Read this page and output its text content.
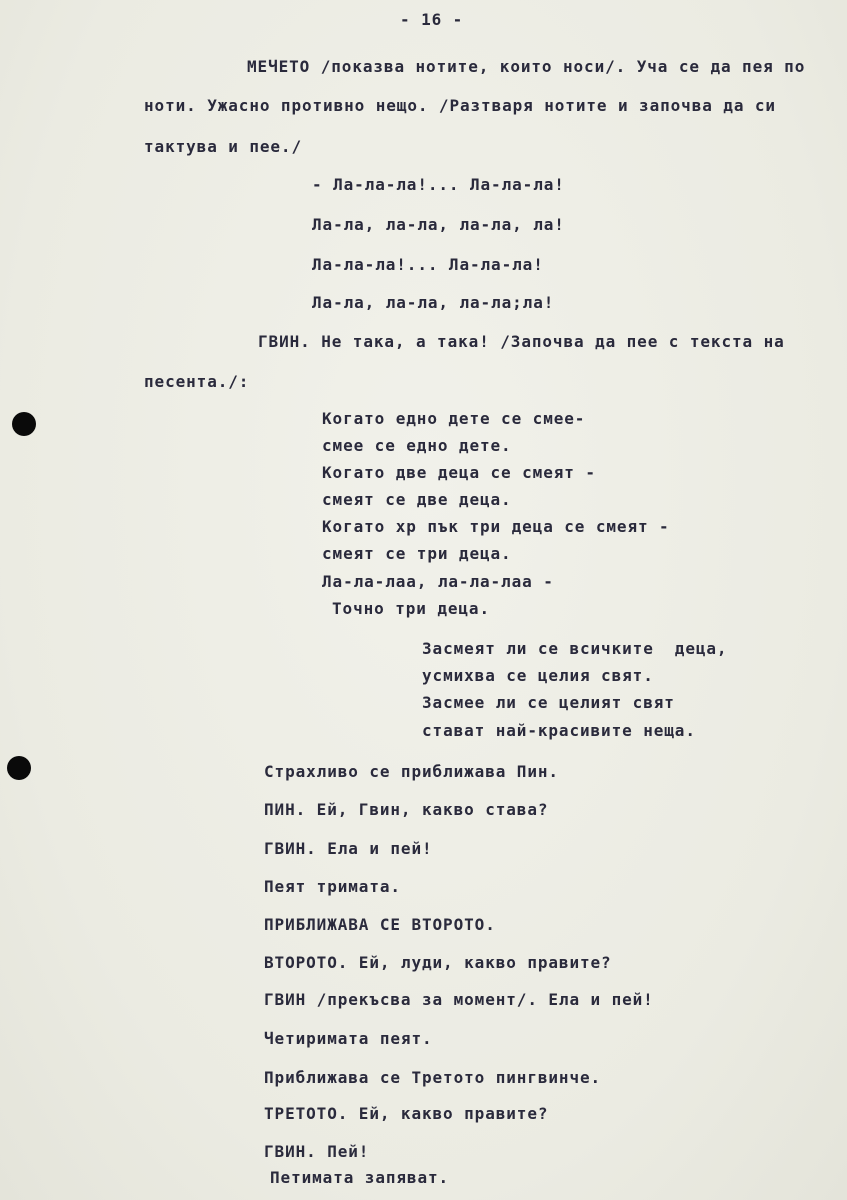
- 16 -
МЕЧЕТО /показва нотите, които носи/. Уча се да пея по
ноти. Ужасно противно нещо. /Разтваря нотите и започва да си
тактува и пее./
- Ла-ла-ла!... Ла-ла-ла!
Ла-ла, ла-ла, ла-ла, ла!
Ла-ла-ла!... Ла-ла-ла!
Ла-ла, ла-ла, ла-ла;ла!
ГВИН. Не така, а така! /Започва да пее с текста на
песента./:
Когато едно дете се смее-
смее се едно дете.
Когато две деца се смеят -
смеят се две деца.
Когато хр пък три деца се смеят -
смеят се три деца.
Ла-ла-лаа, ла-ла-лаа -
Точно три деца.
Засмеят ли се всичките  деца,
усмихва се целия свят.
Засмее ли се целият свят
стават най-красивите неща.
Страхливо се приближава Пин.
ПИН. Ей, Гвин, какво става?
ГВИН. Ела и пей!
Пеят тримата.
ПРИБЛИЖАВА СЕ ВТОРОТО.
ВТОРОТО. Ей, луди, какво правите?
ГВИН /прекъсва за момент/. Ела и пей!
Четиримата пеят.
Приближава се Третото пингвинче.
ТРЕТОТО. Ей, какво правите?
ГВИН. Пей!
Петимата запяват.
